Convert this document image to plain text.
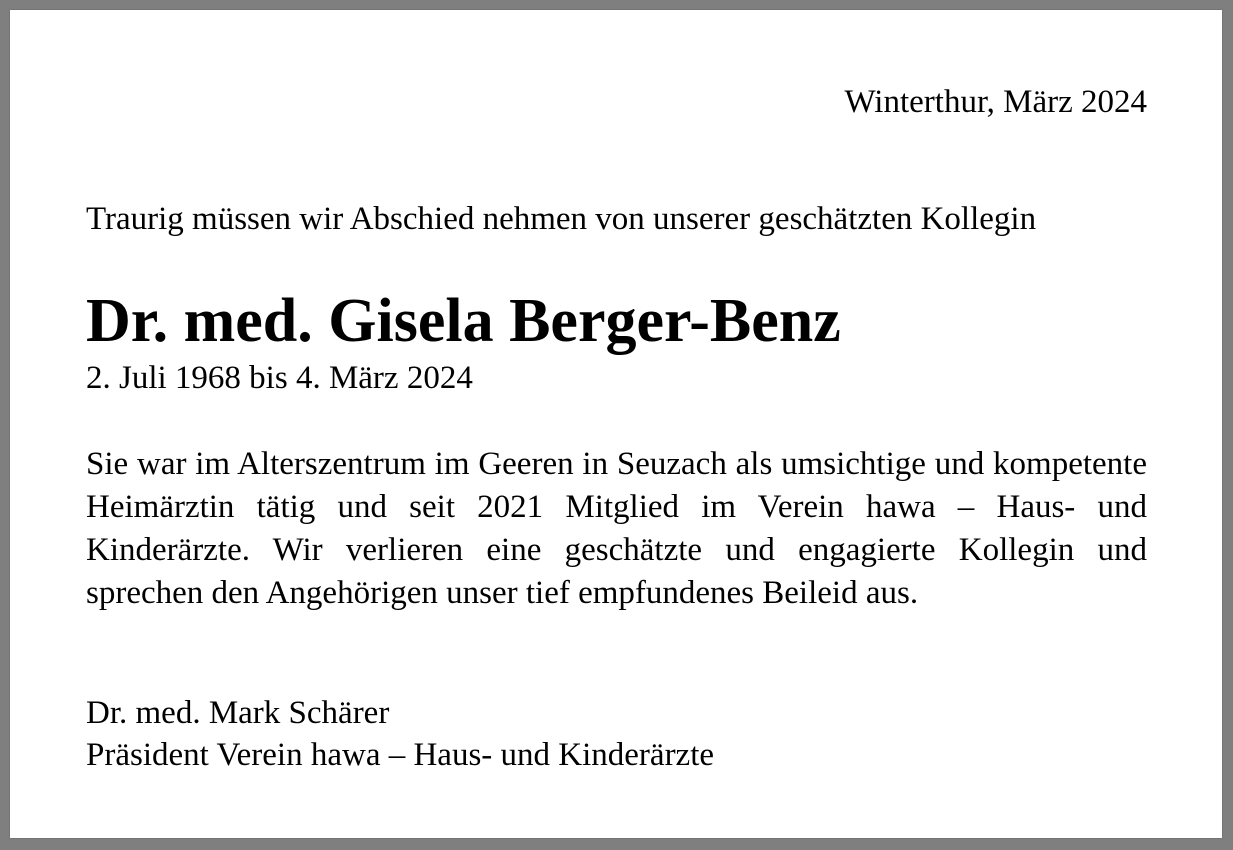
Winterthur, März 2024
Traurig müssen wir Abschied nehmen von unserer geschätzten Kollegin
Dr. med. Gisela Berger-Benz
2. Juli 1968 bis 4. März 2024

Sie war im Alterszentrum im Geeren in Seuzach als umsichtige und kompetente Heimärztin tätig und seit 2021 Mitglied im Verein hawa – Haus- und Kinderärzte. Wir verlieren eine geschätzte und engagierte Kollegin und sprechen den Angehörigen unser tief empfundenes Beileid aus.

Dr. med. Mark Schärer
Präsident Verein hawa – Haus- und Kinderärzte
